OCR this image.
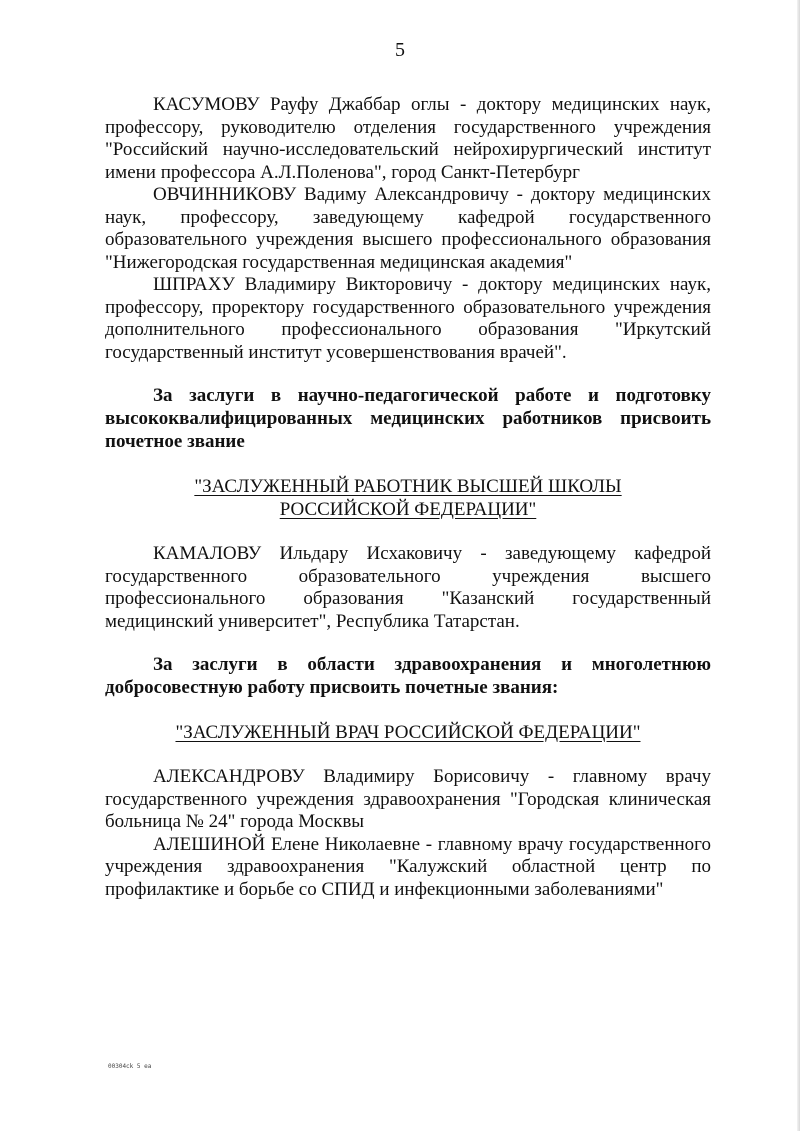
5

КАСУМОВУ Рауфу Джаббар оглы - доктору медицинских наук, профессору, руководителю отделения государственного учреждения "Российский научно-исследовательский нейрохирургический институт имени профессора А.Л.Поленова", город Санкт-Петербург

ОВЧИННИКОВУ Вадиму Александровичу - доктору медицинских наук, профессору, заведующему кафедрой государственного образовательного учреждения высшего профессионального образования "Нижегородская государственная медицинская академия"

ШПРАХУ Владимиру Викторовичу - доктору медицинских наук, профессору, проректору государственного образовательного учреждения дополнительного профессионального образования "Иркутский государственный институт усовершенствования врачей".

За заслуги в научно-педагогической работе и подготовку высококвалифицированных медицинских работников присвоить почетное звание

"ЗАСЛУЖЕННЫЙ РАБОТНИК ВЫСШЕЙ ШКОЛЫ

РОССИЙСКОЙ ФЕДЕРАЦИИ"

КАМАЛОВУ Ильдару Исхаковичу - заведующему кафедрой государственного образовательного учреждения высшего профессионального образования "Казанский государственный медицинский университет", Республика Татарстан.

За заслуги в области здравоохранения и многолетнюю добросовестную работу присвоить почетные звания:

"ЗАСЛУЖЕННЫЙ ВРАЧ РОССИЙСКОЙ ФЕДЕРАЦИИ"

АЛЕКСАНДРОВУ Владимиру Борисовичу - главному врачу государственного учреждения здравоохранения "Городская клиническая больница № 24" города Москвы

АЛЕШИНОЙ Елене Николаевне - главному врачу государственного учреждения здравоохранения "Калужский областной центр по профилактике и борьбе со СПИД и инфекционными заболеваниями"

00304ck 5 ea
